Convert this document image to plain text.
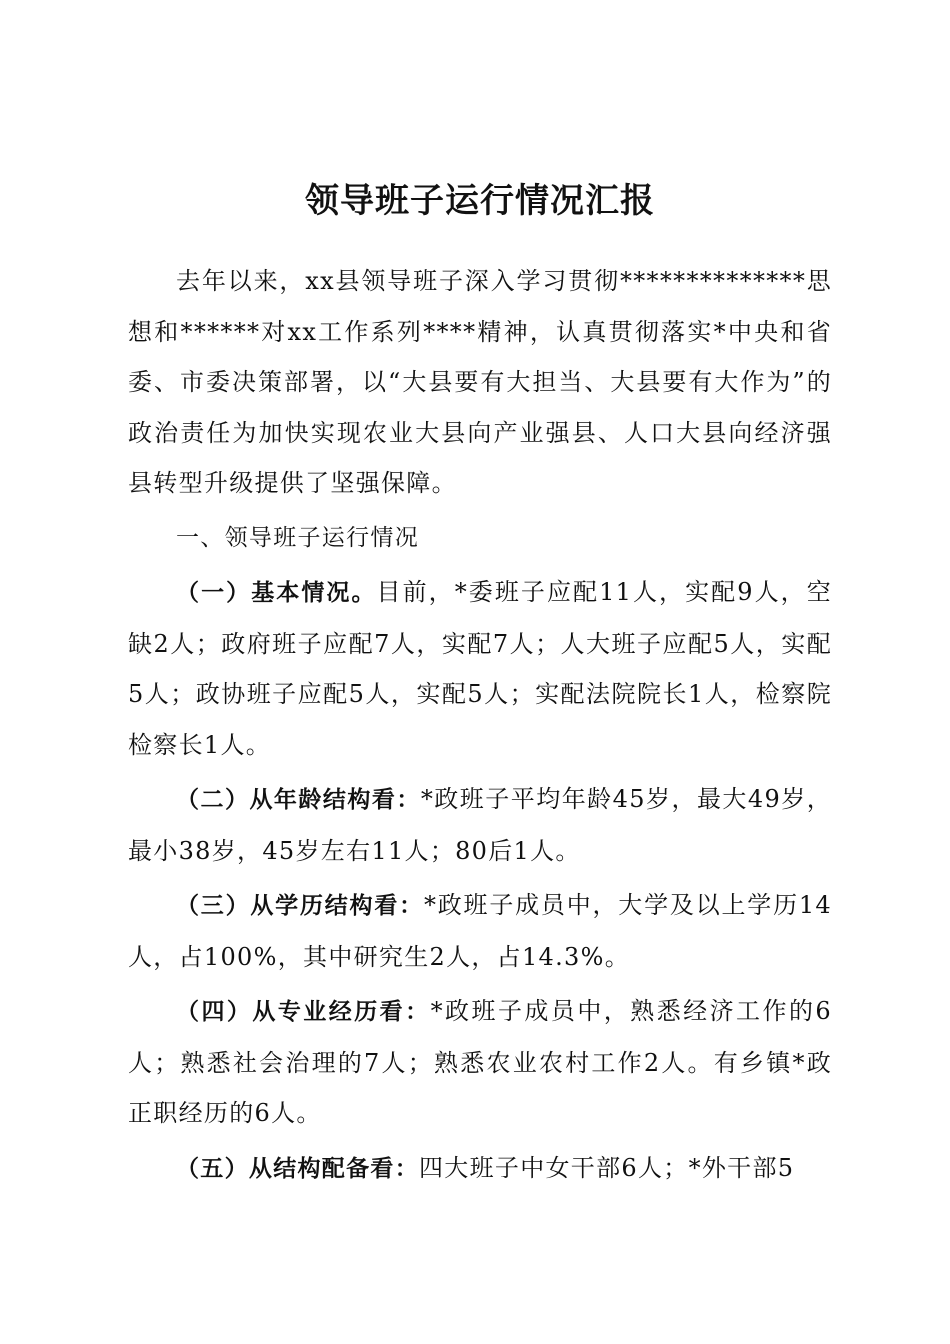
领导班子运行情况汇报

去年以来，xx县领导班子深入学习贯彻**************思想和******对xx工作系列****精神，认真贯彻落实*中央和省委、市委决策部署，以“大县要有大担当、大县要有大作为”的政治责任为加快实现农业大县向产业强县、人口大县向经济强县转型升级提供了坚强保障。

一、领导班子运行情况

（一）基本情况。目前，*委班子应配11人，实配9人，空缺2人；政府班子应配7人，实配7人；人大班子应配5人，实配5人；政协班子应配5人，实配5人；实配法院院长1人，检察院检察长1人。

（二）从年龄结构看：*政班子平均年龄45岁，最大49岁，最小38岁，45岁左右11人；80后1人。

（三）从学历结构看：*政班子成员中，大学及以上学历14人，占100%，其中研究生2人，占14.3%。

（四）从专业经历看：*政班子成员中，熟悉经济工作的6人；熟悉社会治理的7人；熟悉农业农村工作2人。有乡镇*政正职经历的6人。

（五）从结构配备看：四大班子中女干部6人；*外干部5
